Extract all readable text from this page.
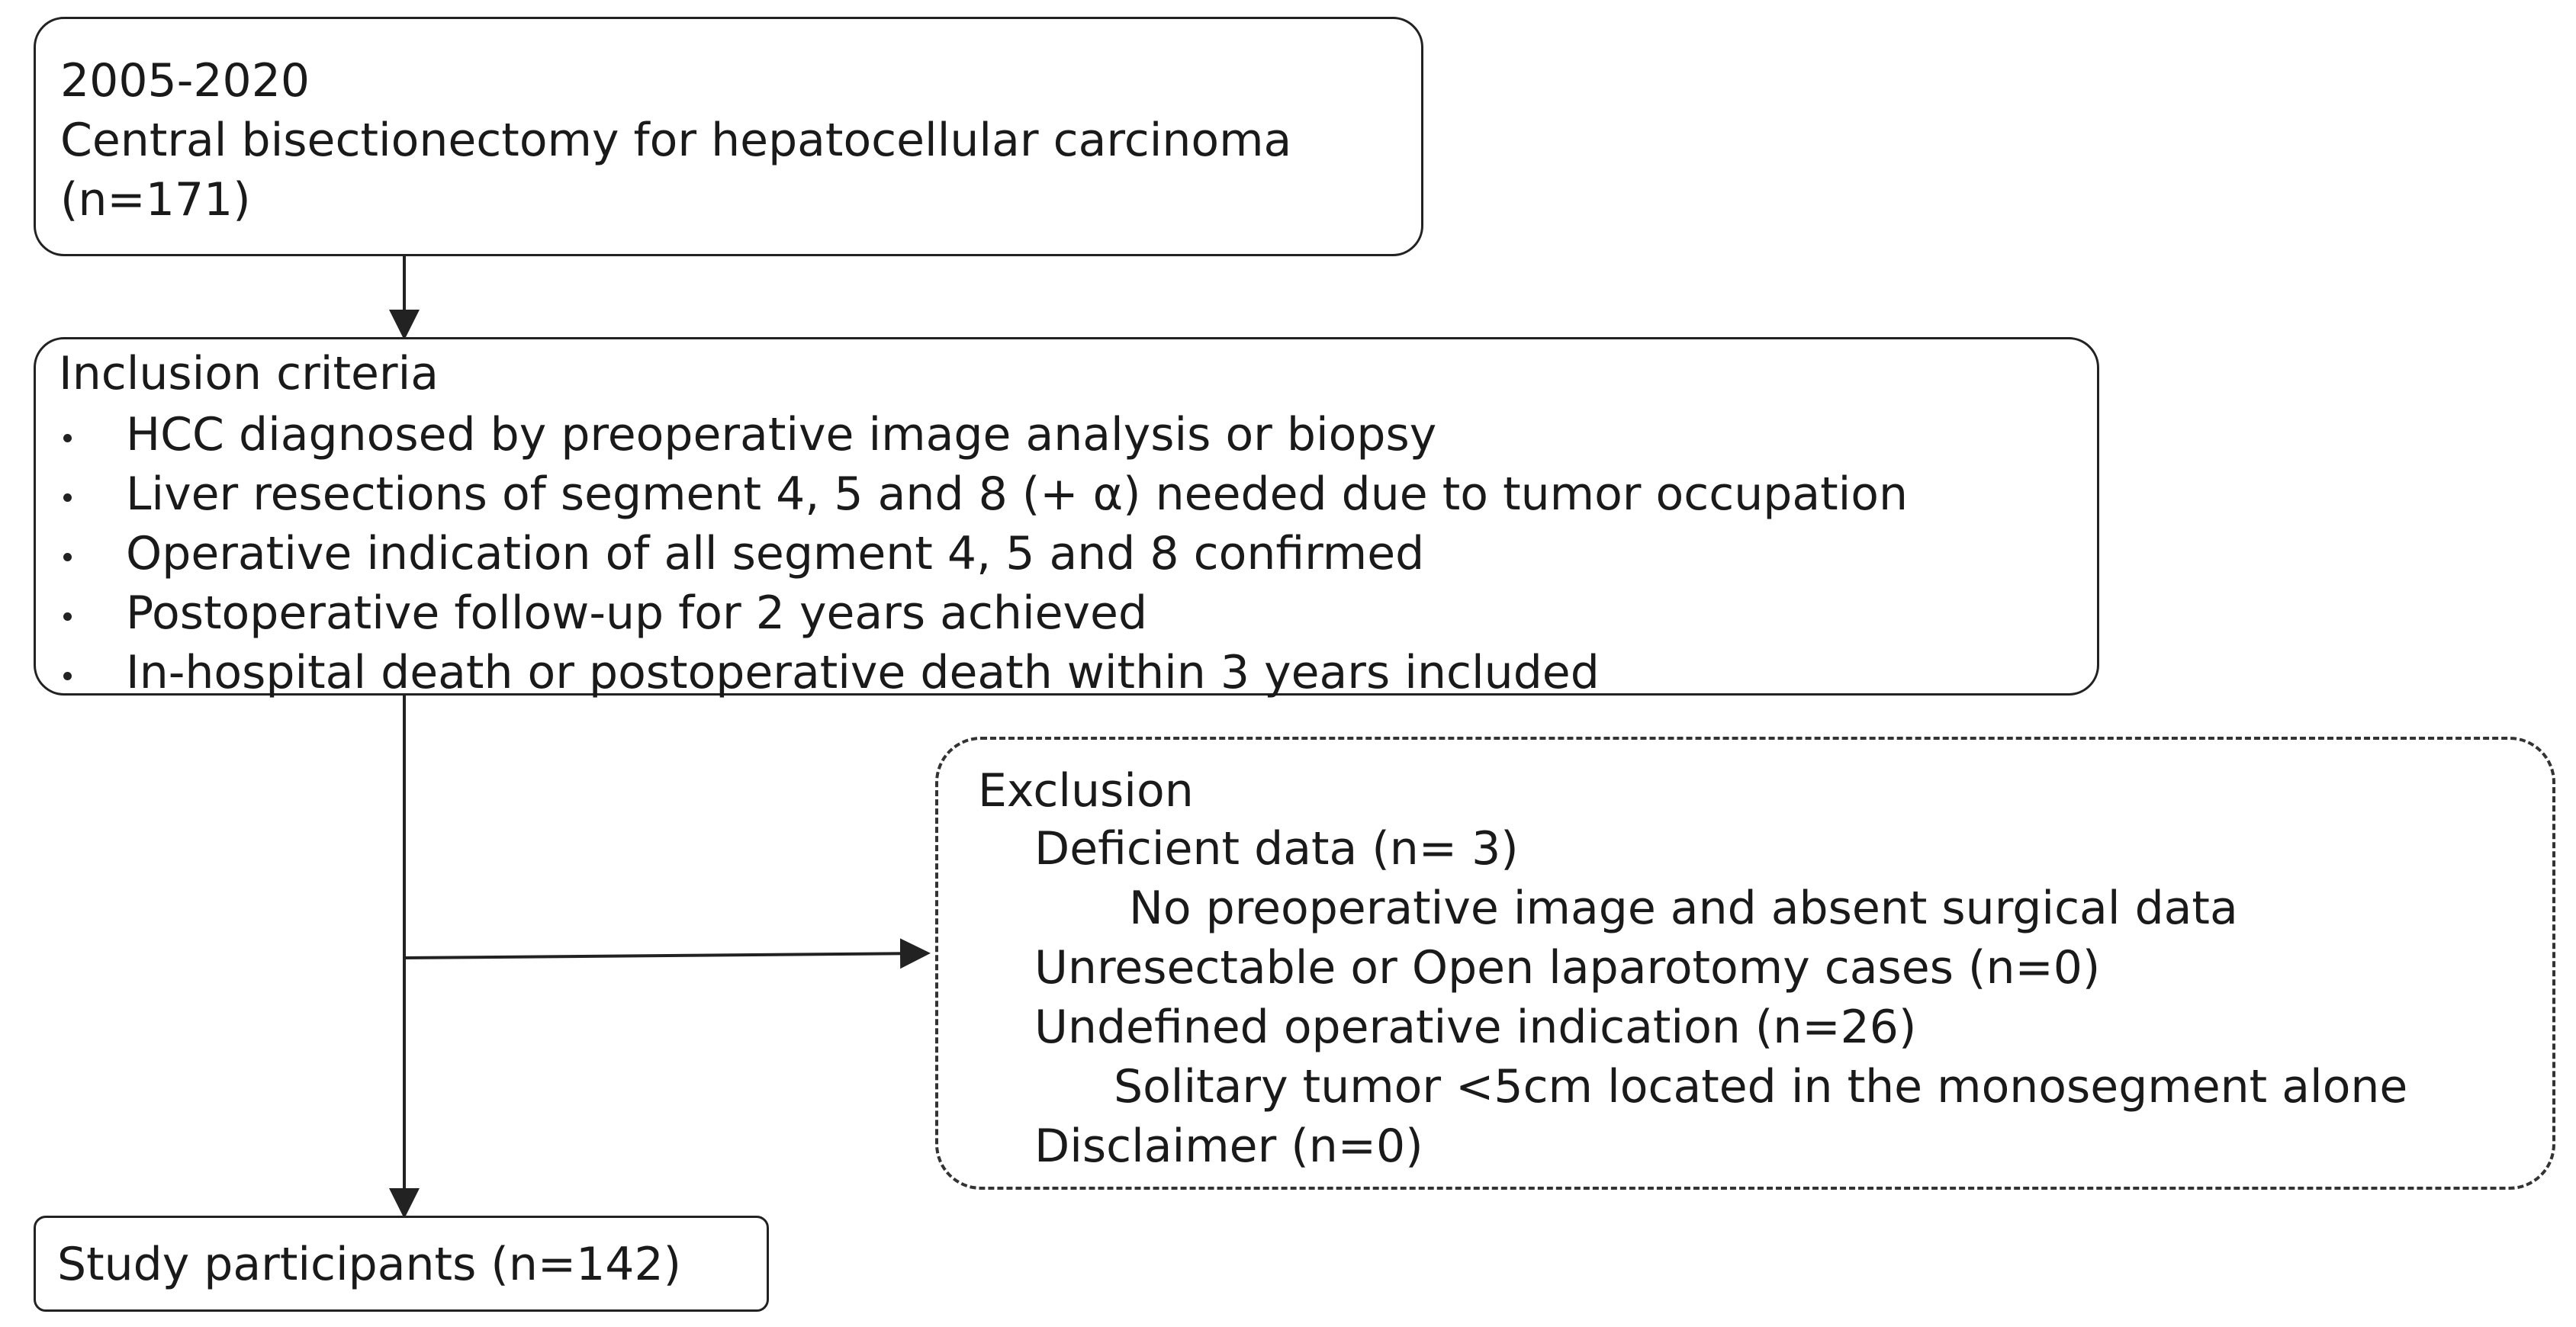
2005-2020
Central bisectionectomy for hepatocellular carcinoma
(n=171)
Inclusion criteria
HCC diagnosed by preoperative image analysis or biopsy
Liver resections of segment 4, 5 and 8 (+ α) needed due to tumor occupation
Operative indication of all segment 4, 5 and 8 confirmed
Postoperative follow-up for 2 years achieved
In-hospital death or postoperative death within 3 years included
Exclusion
Deficient data (n= 3)
No preoperative image and absent surgical data
Unresectable or Open laparotomy cases (n=0)
Undefined operative indication (n=26)
Solitary tumor <5cm located in the monosegment alone
Disclaimer (n=0)
Study participants (n=142)
